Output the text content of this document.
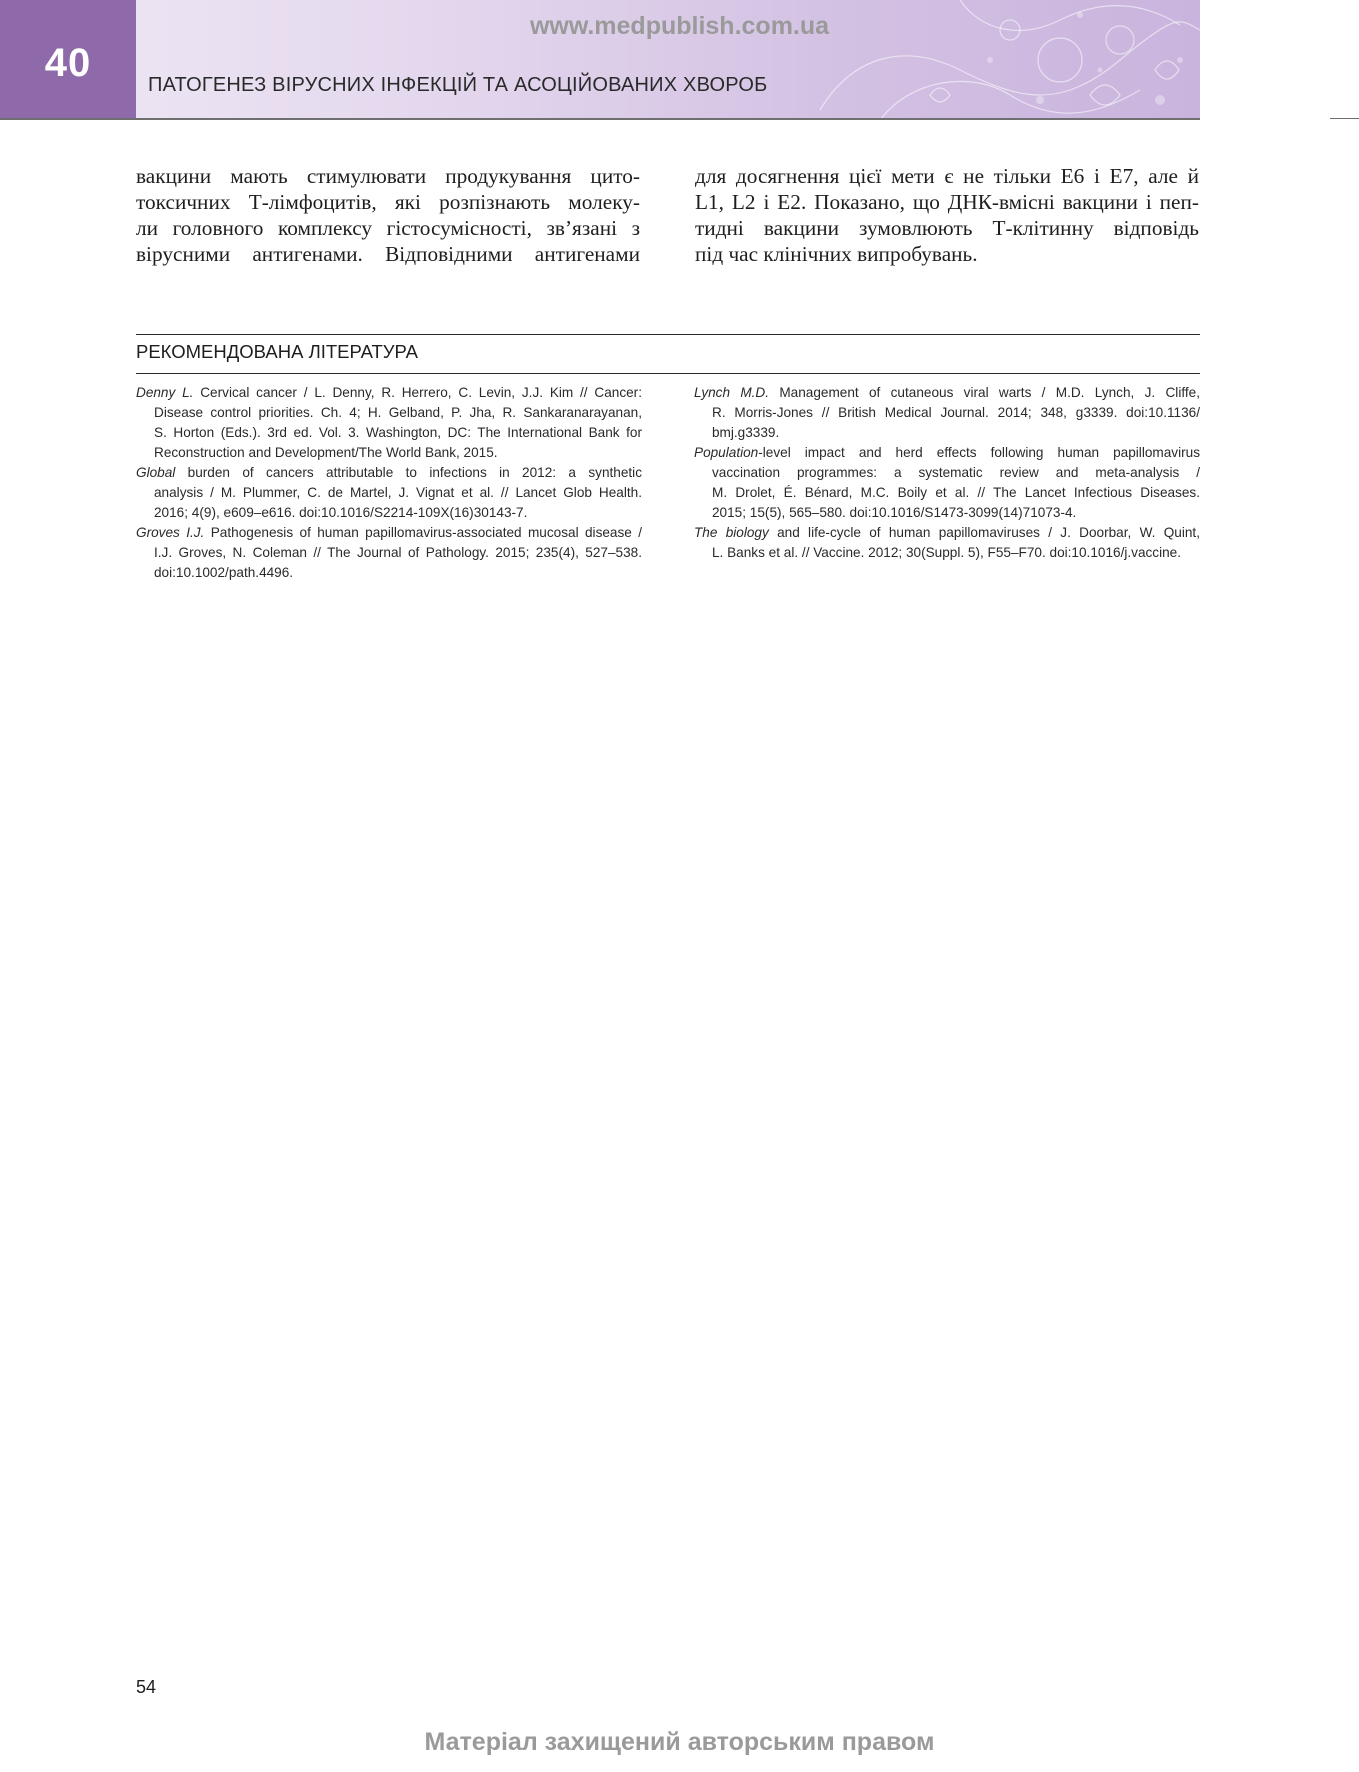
40
ПАТОГЕНЕЗ ВІРУСНИХ ІНФЕКЦІЙ ТА АСОЦІЙОВАНИХ ХВОРОБ
www.medpublish.com.ua
вакцини мають стимулювати продукування цито-
токсичних Т-лімфоцитів, які розпізнають молеку-
ли головного комплексу гістосумісності, зв’язані з
вірусними антигенами. Відповідними антигенами
для досягнення цієї мети є не тільки E6 і E7, але й
L1, L2 і E2. Показано, що ДНК-вмісні вакцини і пеп-
тидні вакцини зумовлюють Т-клітинну відповідь
під час клінічних випробувань.
РЕКОМЕНДОВАНА ЛІТЕРАТУРА
Denny L. Cervical cancer / L. Denny, R. Herrero, C. Levin, J.J. Kim // Cancer:
Disease control priorities. Ch. 4; H. Gelband, P. Jha, R. Sankaranarayanan,
S. Horton (Eds.). 3rd ed. Vol. 3. Washington, DC: The International Bank for
Reconstruction and Development/The World Bank, 2015.
Global burden of cancers attributable to infections in 2012: a synthetic
analysis / M. Plummer, C. de Martel, J. Vignat et al. // Lancet Glob Health.
2016; 4(9), e609–e616. doi:10.1016/S2214-109X(16)30143-7.
Groves I.J. Pathogenesis of human papillomavirus-associated mucosal disease /
I.J. Groves, N. Coleman // The Journal of Pathology. 2015; 235(4), 527–538.
doi:10.1002/path.4496.
Lynch M.D. Management of cutaneous viral warts / M.D. Lynch, J. Cliffe,
R. Morris-Jones // British Medical Journal. 2014; 348, g3339. doi:10.1136/
bmj.g3339.
Population-level impact and herd effects following human papillomavirus
vaccination programmes: a systematic review and meta-analysis /
M. Drolet, É. Bénard, M.C. Boily et al. // The Lancet Infectious Diseases.
2015; 15(5), 565–580. doi:10.1016/S1473-3099(14)71073-4.
The biology and life-cycle of human papillomaviruses / J. Doorbar, W. Quint,
L. Banks et al. // Vaccine. 2012; 30(Suppl. 5), F55–F70. doi:10.1016/j.vaccine.
54
Матеріал захищений авторським правом
